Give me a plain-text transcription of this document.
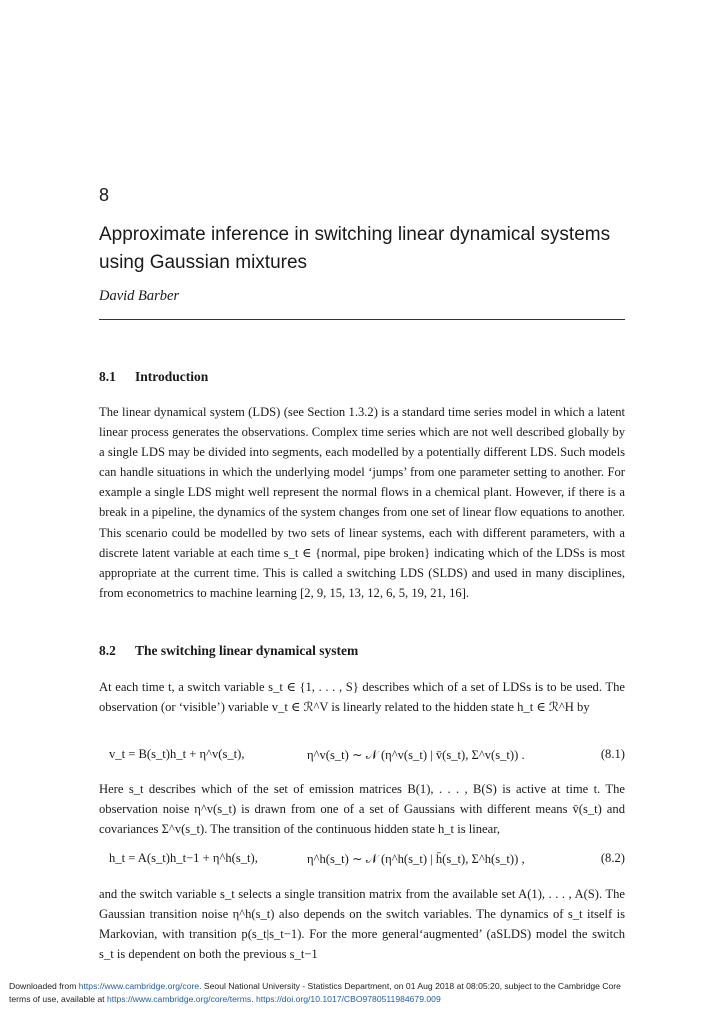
8
Approximate inference in switching linear dynamical systems using Gaussian mixtures
David Barber
8.1 Introduction

The linear dynamical system (LDS) (see Section 1.3.2) is a standard time series model in which a latent linear process generates the observations. Complex time series which are not well described globally by a single LDS may be divided into segments, each modelled by a potentially different LDS. Such models can handle situations in which the underlying model ‘jumps’ from one parameter setting to another. For example a single LDS might well represent the normal flows in a chemical plant. However, if there is a break in a pipeline, the dynamics of the system changes from one set of linear flow equations to another. This scenario could be modelled by two sets of linear systems, each with different parameters, with a discrete latent variable at each time s_t ∈ {normal, pipe broken} indicating which of the LDSs is most appropriate at the current time. This is called a switching LDS (SLDS) and used in many disciplines, from econometrics to machine learning [2, 9, 15, 13, 12, 6, 5, 19, 21, 16].

8.2 The switching linear dynamical system

At each time t, a switch variable s_t ∈ {1, . . . , S} describes which of a set of LDSs is to be used. The observation (or ‘visible’) variable v_t ∈ ℛ^V is linearly related to the hidden state h_t ∈ ℛ^H by

v_t = B(s_t)h_t + η^v(s_t),	η^v(s_t) ∼ 𝒩 (η^v(s_t) | v̄(s_t), Σ^v(s_t)) .	(8.1)

Here s_t describes which of the set of emission matrices B(1), . . . , B(S) is active at time t. The observation noise η^v(s_t) is drawn from one of a set of Gaussians with different means v̄(s_t) and covariances Σ^v(s_t). The transition of the continuous hidden state h_t is linear,

h_t = A(s_t)h_t−1 + η^h(s_t),	η^h(s_t) ∼ 𝒩 (η^h(s_t) | h̄(s_t), Σ^h(s_t)) ,	(8.2)

and the switch variable s_t selects a single transition matrix from the available set A(1), . . . , A(S). The Gaussian transition noise η^h(s_t) also depends on the switch variables. The dynamics of s_t itself is Markovian, with transition p(s_t|s_t−1). For the more general‘augmented’ (aSLDS) model the switch s_t is dependent on both the previous s_t−1

Downloaded from https://www.cambridge.org/core. Seoul National University - Statistics Department, on 01 Aug 2018 at 08:05:20, subject to the Cambridge Core
terms of use, available at https://www.cambridge.org/core/terms. https://doi.org/10.1017/CBO9780511984679.009
